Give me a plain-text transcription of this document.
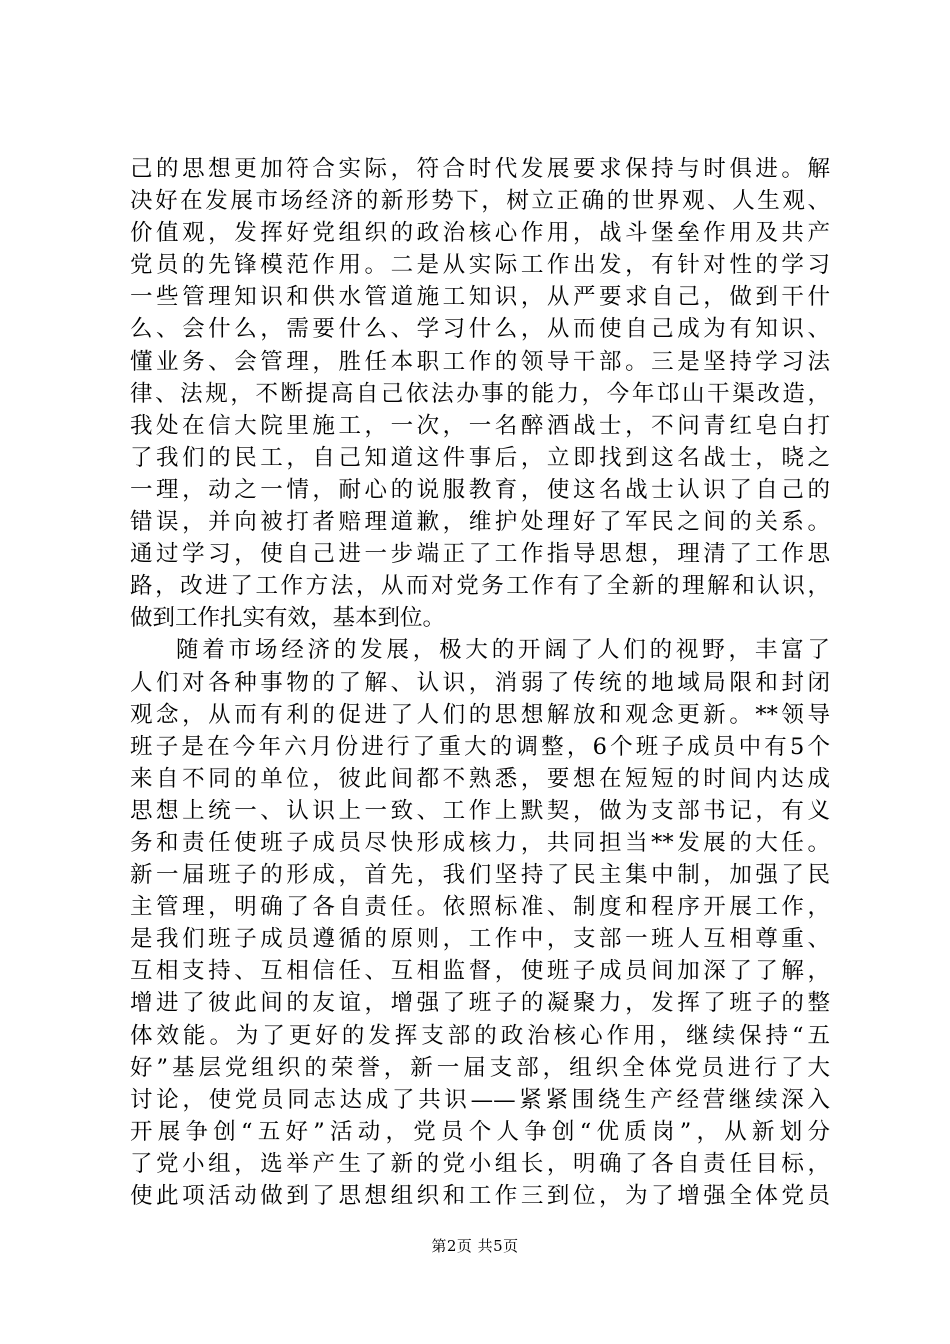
己的思想更加符合实际，符合时代发展要求保持与时俱进。解
决好在发展市场经济的新形势下，树立正确的世界观、人生观、
价值观，发挥好党组织的政治核心作用，战斗堡垒作用及共产
党员的先锋模范作用。二是从实际工作出发，有针对性的学习
一些管理知识和供水管道施工知识，从严要求自己，做到干什
么、会什么，需要什么、学习什么，从而使自己成为有知识、
懂业务、会管理，胜任本职工作的领导干部。三是坚持学习法
律、法规，不断提高自己依法办事的能力，今年邙山干渠改造，
我处在信大院里施工，一次，一名醉酒战士，不问青红皂白打
了我们的民工，自己知道这件事后，立即找到这名战士，晓之
一理，动之一情，耐心的说服教育，使这名战士认识了自己的
错误，并向被打者赔理道歉，维护处理好了军民之间的关系。
通过学习，使自己进一步端正了工作指导思想，理清了工作思
路，改进了工作方法，从而对党务工作有了全新的理解和认识，
做到工作扎实有效，基本到位。
随着市场经济的发展，极大的开阔了人们的视野，丰富了
人们对各种事物的了解、认识，消弱了传统的地域局限和封闭
观念，从而有利的促进了人们的思想解放和观念更新。**领导
班子是在今年六月份进行了重大的调整，6个班子成员中有5个
来自不同的单位，彼此间都不熟悉，要想在短短的时间内达成
思想上统一、认识上一致、工作上默契，做为支部书记，有义
务和责任使班子成员尽快形成核力，共同担当**发展的大任。
新一届班子的形成，首先，我们坚持了民主集中制，加强了民
主管理，明确了各自责任。依照标准、制度和程序开展工作，
是我们班子成员遵循的原则，工作中，支部一班人互相尊重、
互相支持、互相信任、互相监督，使班子成员间加深了了解，
增进了彼此间的友谊，增强了班子的凝聚力，发挥了班子的整
体效能。为了更好的发挥支部的政治核心作用，继续保持“五
好”基层党组织的荣誉，新一届支部，组织全体党员进行了大
讨论，使党员同志达成了共识——紧紧围绕生产经营继续深入
开展争创“五好”活动，党员个人争创“优质岗”，从新划分
了党小组，选举产生了新的党小组长，明确了各自责任目标，
使此项活动做到了思想组织和工作三到位，为了增强全体党员
第2页 共5页
